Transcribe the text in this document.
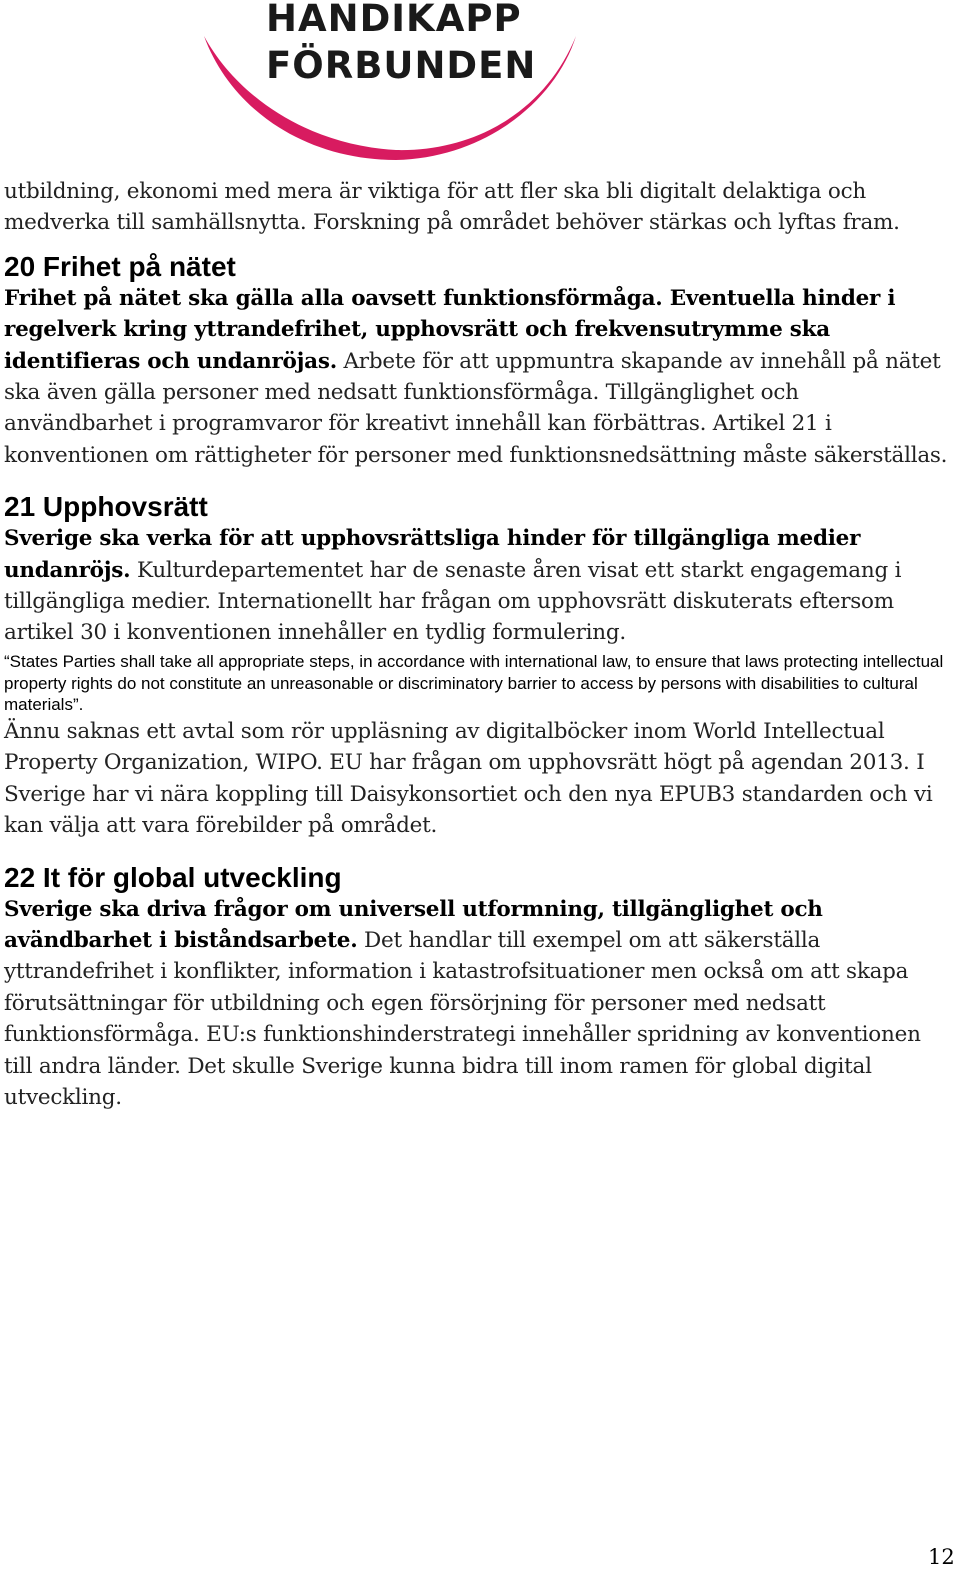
HANDIKAPP
FÖRBUNDEN

utbildning, ekonomi med mera är viktiga för att fler ska bli digitalt delaktiga och medverka till samhällsnytta. Forskning på området behöver stärkas och lyftas fram.

20 Frihet på nätet

Frihet på nätet ska gälla alla oavsett funktionsförmåga. Eventuella hinder i regelverk kring yttrandefrihet, upphovsrätt och frekvensutrymme ska identifieras och undanröjas. Arbete för att uppmuntra skapande av innehåll på nätet ska även gälla personer med nedsatt funktionsförmåga. Tillgänglighet och användbarhet i programvaror för kreativt innehåll kan förbättras. Artikel 21 i konventionen om rättigheter för personer med funktionsnedsättning måste säkerställas.

21 Upphovsrätt

Sverige ska verka för att upphovsrättsliga hinder för tillgängliga medier undanröjs. Kulturdepartementet har de senaste åren visat ett starkt engagemang i tillgängliga medier. Internationellt har frågan om upphovsrätt diskuterats eftersom artikel 30 i konventionen innehåller en tydlig formulering.

“States Parties shall take all appropriate steps, in accordance with international law, to ensure that laws protecting intellectual property rights do not constitute an unreasonable or discriminatory barrier to access by persons with disabilities to cultural materials”.

Ännu saknas ett avtal som rör uppläsning av digitalböcker inom World Intellectual Property Organization, WIPO. EU har frågan om upphovsrätt högt på agendan 2013. I Sverige har vi nära koppling till Daisykonsortiet och den nya EPUB3 standarden och vi kan välja att vara förebilder på området.

22 It för global utveckling

Sverige ska driva frågor om universell utformning, tillgänglighet och avändbarhet i biståndsarbete. Det handlar till exempel om att säkerställa yttrandefrihet i konflikter, information i katastrofsituationer men också om att skapa förutsättningar för utbildning och egen försörjning för personer med nedsatt funktionsförmåga. EU:s funktionshinderstrategi innehåller spridning av konventionen till andra länder. Det skulle Sverige kunna bidra till inom ramen för global digital utveckling.

12
